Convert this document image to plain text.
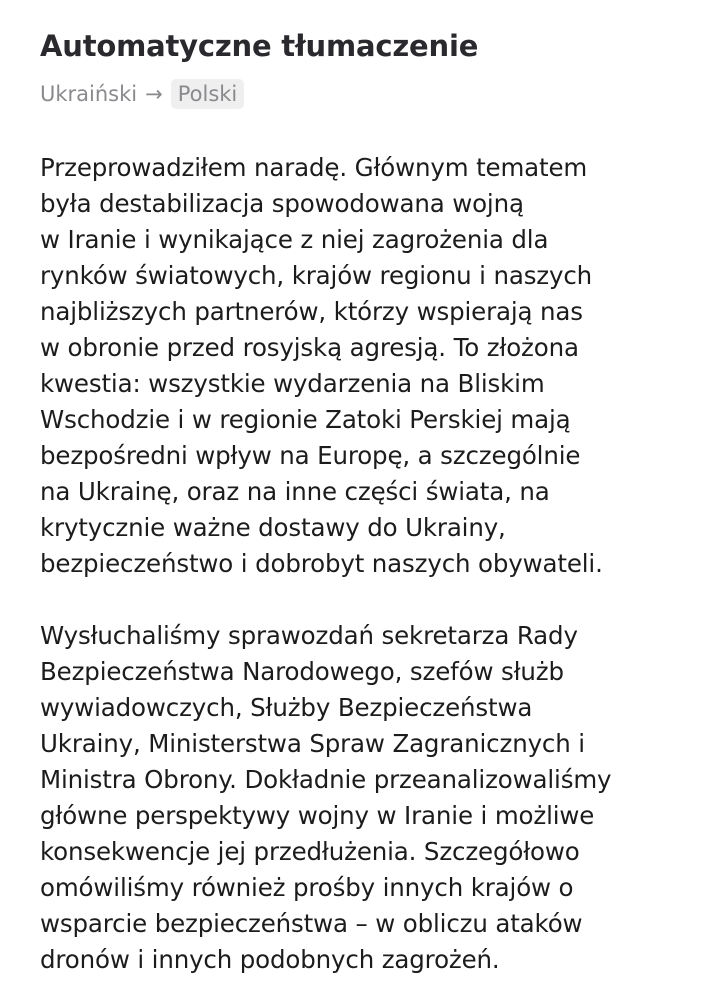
Automatyczne tłumaczenie
Ukraiński → Polski

Przeprowadziłem naradę. Głównym tematem
była destabilizacja spowodowana wojną
w Iranie i wynikające z niej zagrożenia dla
rynków światowych, krajów regionu i naszych
najbliższych partnerów, którzy wspierają nas
w obronie przed rosyjską agresją. To złożona
kwestia: wszystkie wydarzenia na Bliskim
Wschodzie i w regionie Zatoki Perskiej mają
bezpośredni wpływ na Europę, a szczególnie
na Ukrainę, oraz na inne części świata, na
krytycznie ważne dostawy do Ukrainy,
bezpieczeństwo i dobrobyt naszych obywateli.

Wysłuchaliśmy sprawozdań sekretarza Rady
Bezpieczeństwa Narodowego, szefów służb
wywiadowczych, Służby Bezpieczeństwa
Ukrainy, Ministerstwa Spraw Zagranicznych i
Ministra Obrony. Dokładnie przeanalizowaliśmy
główne perspektywy wojny w Iranie i możliwe
konsekwencje jej przedłużenia. Szczegółowo
omówiliśmy również prośby innych krajów o
wsparcie bezpieczeństwa – w obliczu ataków
dronów i innych podobnych zagrożeń.
